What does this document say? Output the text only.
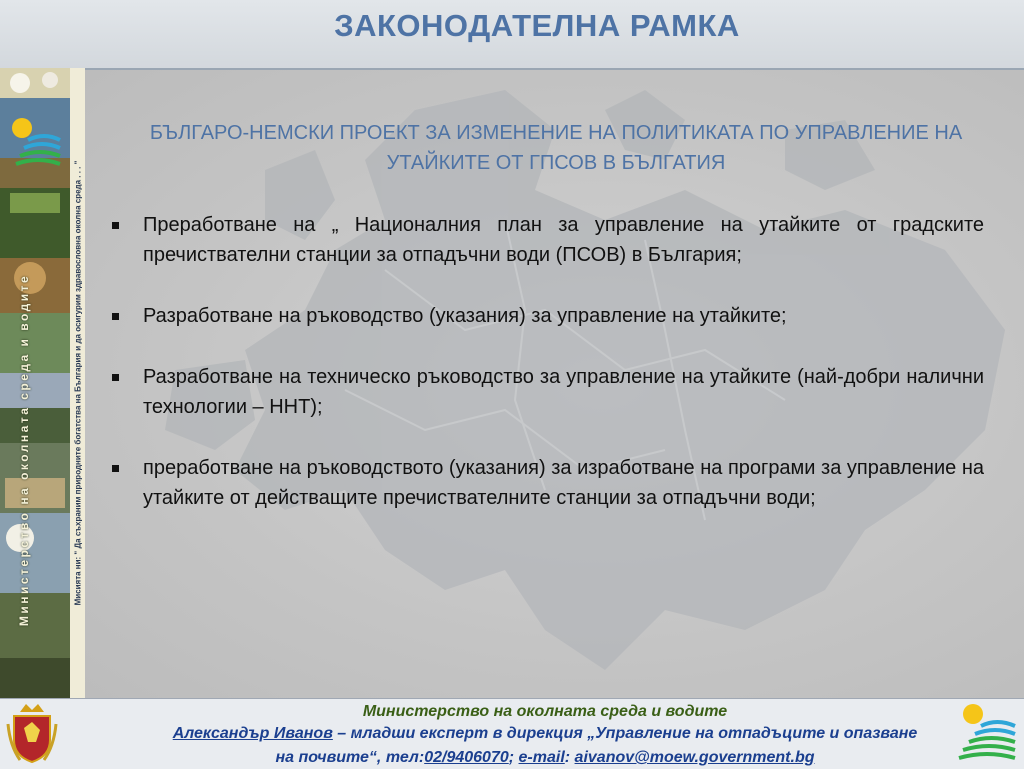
ЗАКОНОДАТЕЛНА РАМКА
Министерство на околната среда и водите	Мисията ни: " Да съхраним природните богатства на България и да осигурим здравословна околна среда . . . "
БЪЛГАРО-НЕМСКИ ПРОЕКТ ЗА ИЗМЕНЕНИЕ НА ПОЛИТИКАТА ПО УПРАВЛЕНИЕ НА УТАЙКИТЕ ОТ ГПСОВ В БЪЛГАТИЯ
Преработване на „ Националния план за управление на утайките от градските пречиствателни станции за отпадъчни води (ПСОВ) в България;
Разработване на ръководство (указания) за управление на утайките;
Разработване на техническо ръководство за управление на утайките (най-добри налични технологии – ННТ);
преработване на ръководството (указания) за изработване на програми за управление на утайките от действащите пречиствателните станции за отпадъчни води;
Министерство на околната среда и водите
Александър Иванов – младши експерт в дирекция „Управление на отпадъците и опазване
на почвите“, тел:02/9406070; e-mail: aivanov@moew.government.bg
